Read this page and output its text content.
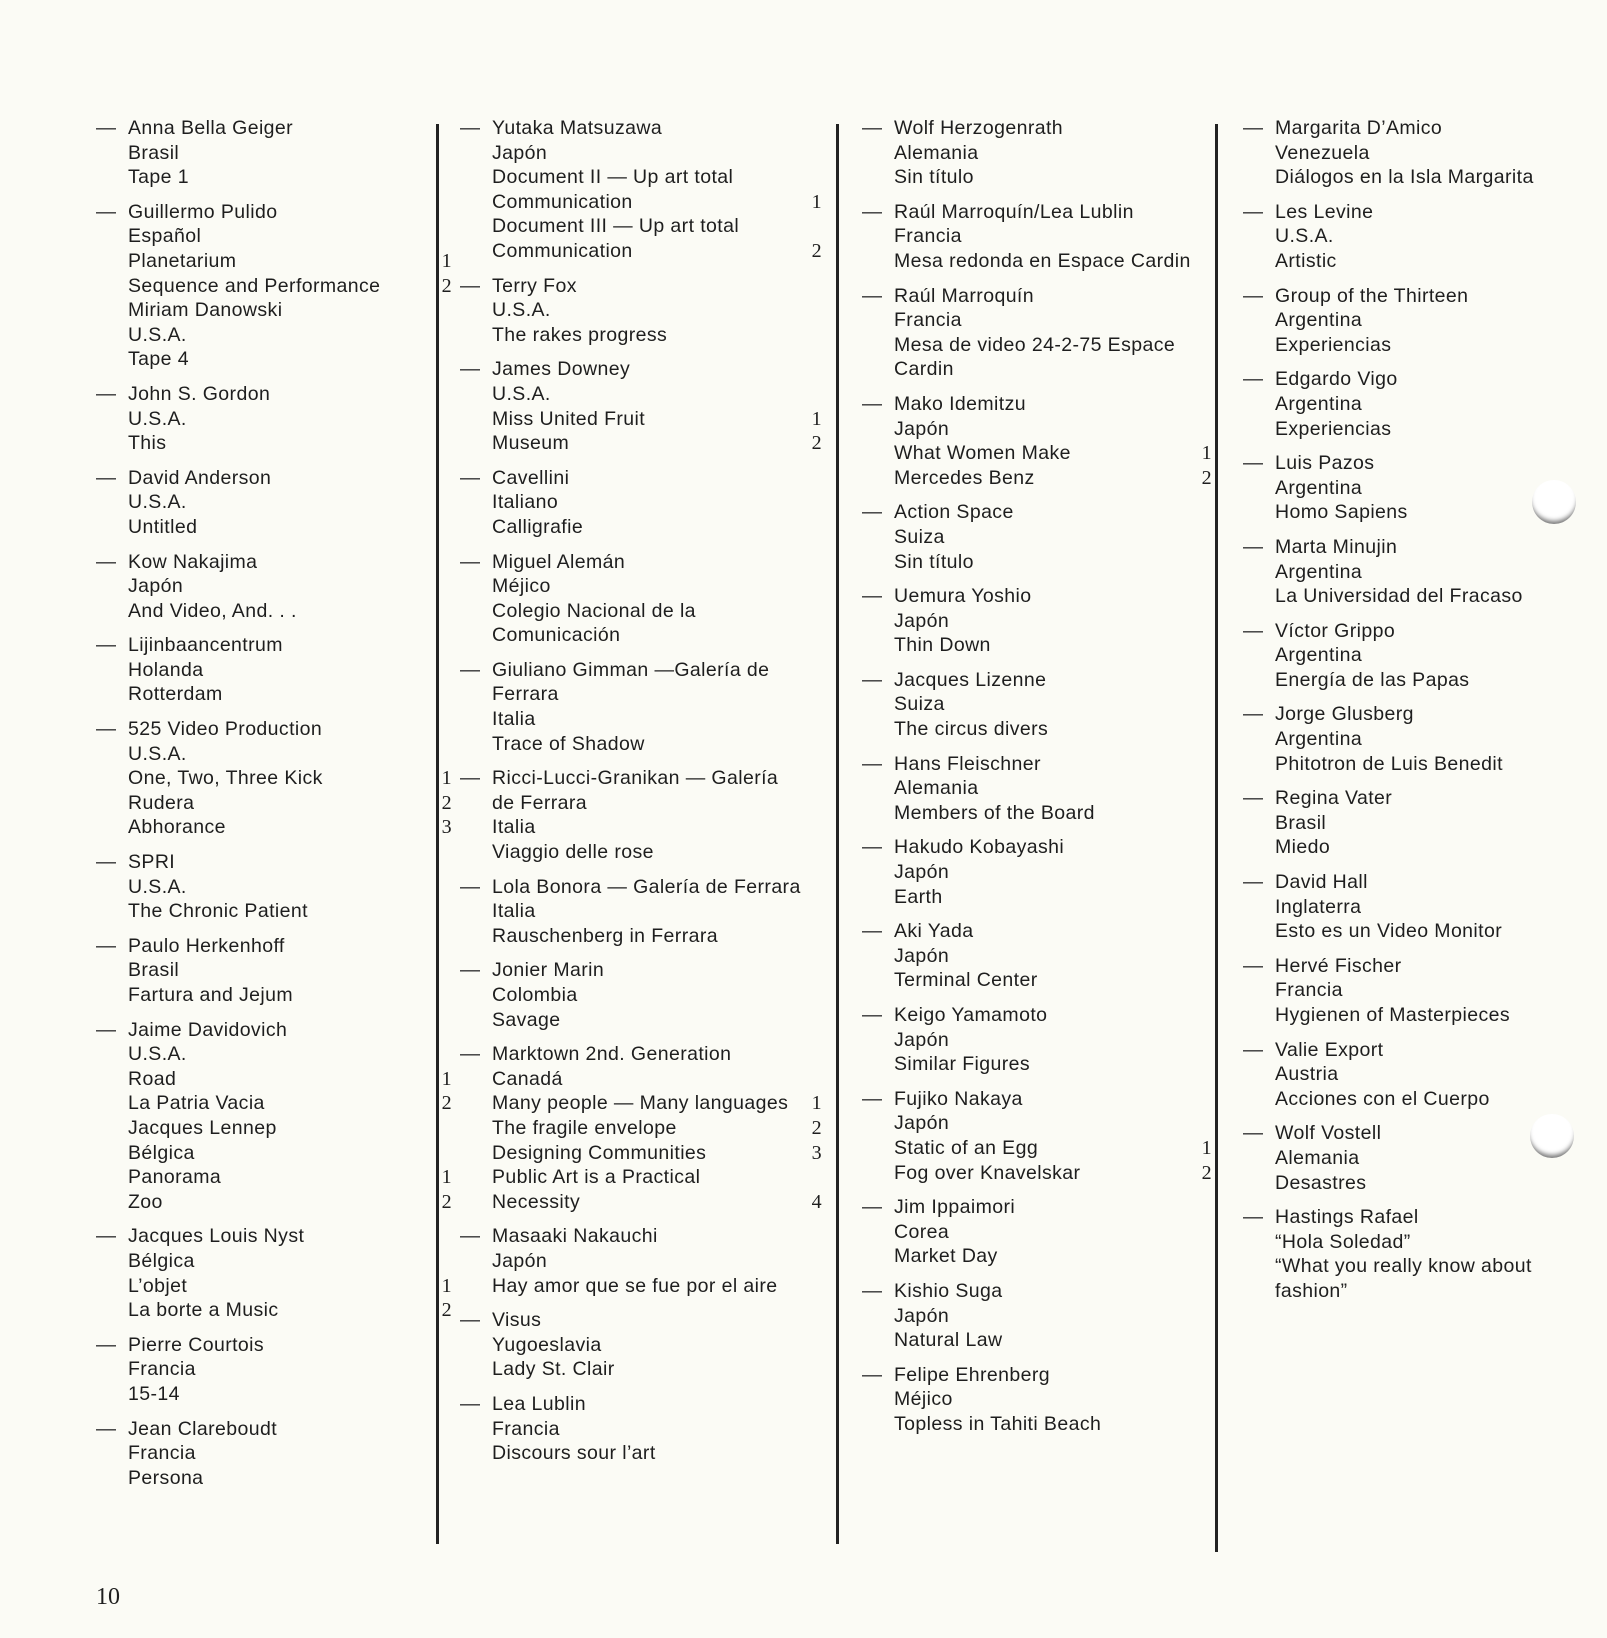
— Anna Bella Geiger
Brasil
Tape 1
— Guillermo Pulido
Español
Planetarium	1
Sequence and Performance	2
Miriam Danowski
U.S.A.
Tape 4
— John S. Gordon
U.S.A.
This
— David Anderson
U.S.A.
Untitled
— Kow Nakajima
Japón
And Video, And. . .
— Lijinbaancentrum
Holanda
Rotterdam
— 525 Video Production
U.S.A.
One, Two, Three Kick	1
Rudera	2
Abhorance	3
— SPRI
U.S.A.
The Chronic Patient
— Paulo Herkenhoff
Brasil
Fartura and Jejum
— Jaime Davidovich
U.S.A.
Road	1
La Patria Vacia	2
Jacques Lennep
Bélgica
Panorama	1
Zoo	2
— Jacques Louis Nyst
Bélgica
L’objet	1
La borte a Music	2
— Pierre Courtois
Francia
15-14
— Jean Clareboudt
Francia
Persona
— Yutaka Matsuzawa
Japón
Document II — Up art total
Communication	1
Document III — Up art total
Communication	2
— Terry Fox
U.S.A.
The rakes progress
— James Downey
U.S.A.
Miss United Fruit	1
Museum	2
— Cavellini
Italiano
Calligrafie
— Miguel Alemán
Méjico
Colegio Nacional de la
Comunicación
— Giuliano Gimman —Galería de
Ferrara
Italia
Trace of Shadow
— Ricci-Lucci-Granikan — Galería
de Ferrara
Italia
Viaggio delle rose
— Lola Bonora — Galería de Ferrara
Italia
Rauschenberg in Ferrara
— Jonier Marin
Colombia
Savage
— Marktown 2nd. Generation
Canadá
Many people — Many languages 1
The fragile envelope	2
Designing Communities	3
Public Art is a Practical
Necessity	4
— Masaaki Nakauchi
Japón
Hay amor que se fue por el aire
— Visus
Yugoeslavia
Lady St. Clair
— Lea Lublin
Francia
Discours sour l’art
— Wolf Herzogenrath
Alemania
Sin título
— Raúl Marroquín/Lea Lublin
Francia
Mesa redonda en Espace Cardin
— Raúl Marroquín
Francia
Mesa de video 24-2-75 Espace
Cardin
— Mako Idemitzu
Japón
What Women Make	1
Mercedes Benz	2
— Action Space
Suiza
Sin título
— Uemura Yoshio
Japón
Thin Down
— Jacques Lizenne
Suiza
The circus divers
— Hans Fleischner
Alemania
Members of the Board
— Hakudo Kobayashi
Japón
Earth
— Aki Yada
Japón
Terminal Center
— Keigo Yamamoto
Japón
Similar Figures
— Fujiko Nakaya
Japón
Static of an Egg	1
Fog over Knavelskar	2
— Jim Ippaimori
Corea
Market Day
— Kishio Suga
Japón
Natural Law
— Felipe Ehrenberg
Méjico
Topless in Tahiti Beach
— Margarita D’Amico
Venezuela
Diálogos en la Isla Margarita
— Les Levine
U.S.A.
Artistic
— Group of the Thirteen
Argentina
Experiencias
— Edgardo Vigo
Argentina
Experiencias
— Luis Pazos
Argentina
Homo Sapiens
— Marta Minujin
Argentina
La Universidad del Fracaso
— Víctor Grippo
Argentina
Energía de las Papas
— Jorge Glusberg
Argentina
Phitotron de Luis Benedit
— Regina Vater
Brasil
Miedo
— David Hall
Inglaterra
Esto es un Video Monitor
— Hervé Fischer
Francia
Hygienen of Masterpieces
— Valie Export
Austria
Acciones con el Cuerpo
— Wolf Vostell
Alemania
Desastres
— Hastings Rafael
“Hola Soledad”
“What you really know about
fashion”
10
